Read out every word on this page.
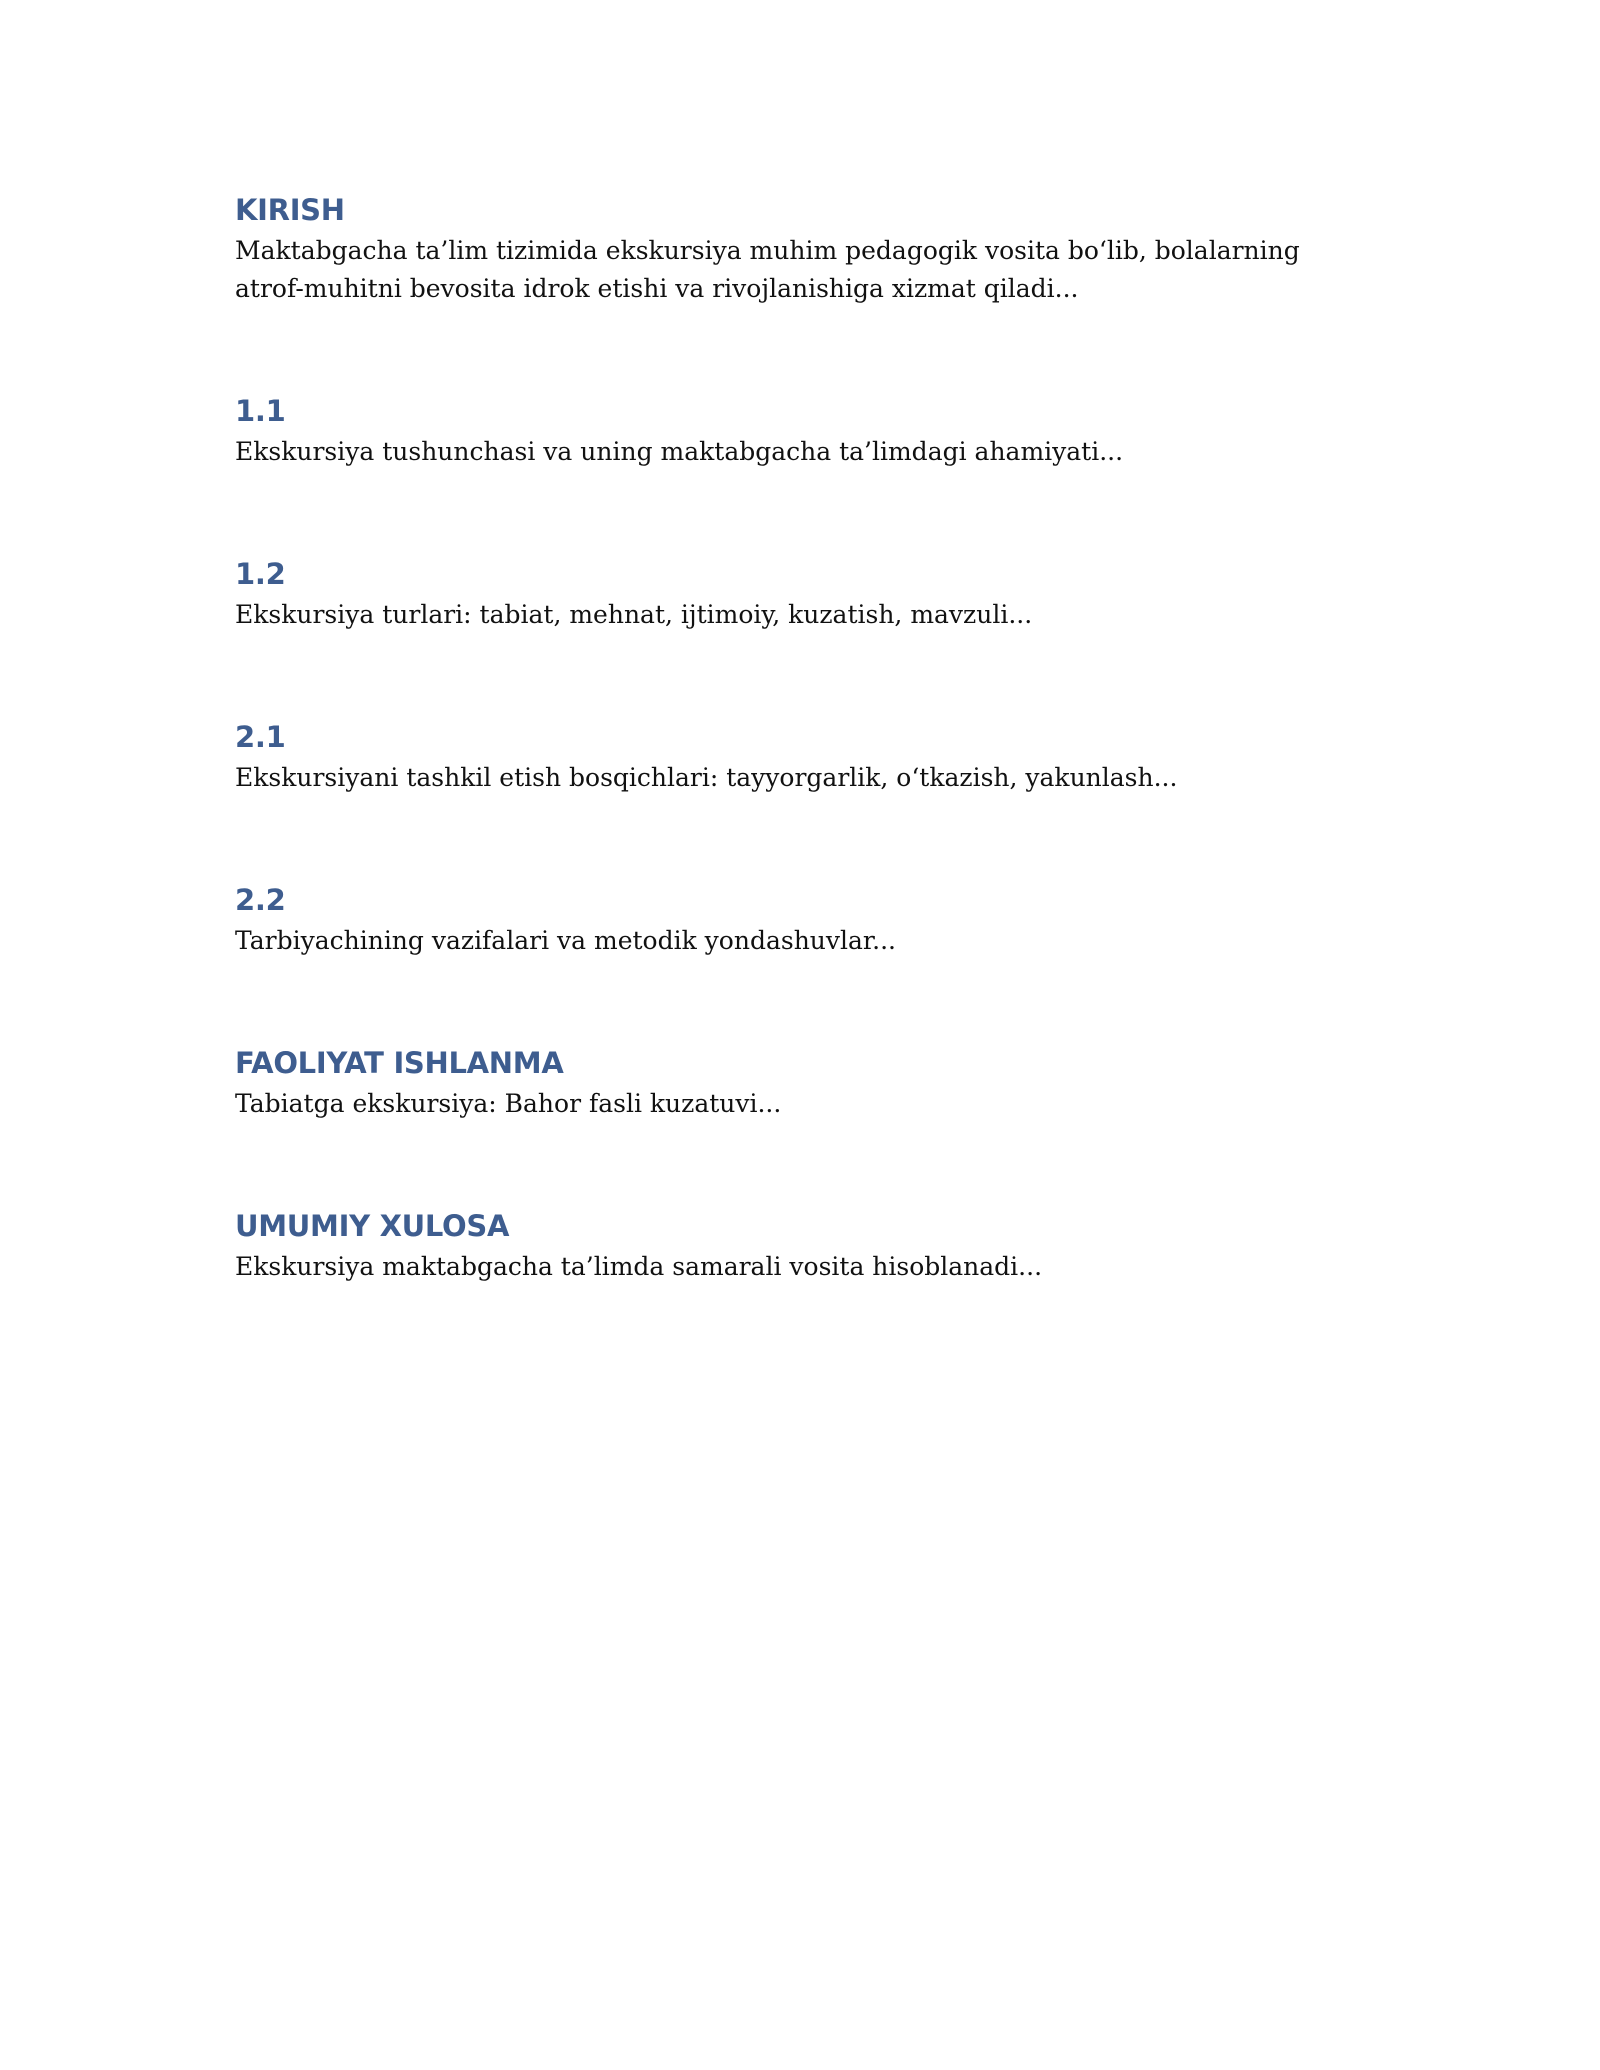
KIRISH

Maktabgacha ta’lim tizimida ekskursiya muhim pedagogik vosita bo‘lib, bolalarning atrof-muhitni bevosita idrok etishi va rivojlanishiga xizmat qiladi...

1.1

Ekskursiya tushunchasi va uning maktabgacha ta’limdagi ahamiyati...

1.2

Ekskursiya turlari: tabiat, mehnat, ijtimoiy, kuzatish, mavzuli...

2.1

Ekskursiyani tashkil etish bosqichlari: tayyorgarlik, o‘tkazish, yakunlash...

2.2

Tarbiyachining vazifalari va metodik yondashuvlar...

FAOLIYAT ISHLANMA

Tabiatga ekskursiya: Bahor fasli kuzatuvi...

UMUMIY XULOSA

Ekskursiya maktabgacha ta’limda samarali vosita hisoblanadi...
